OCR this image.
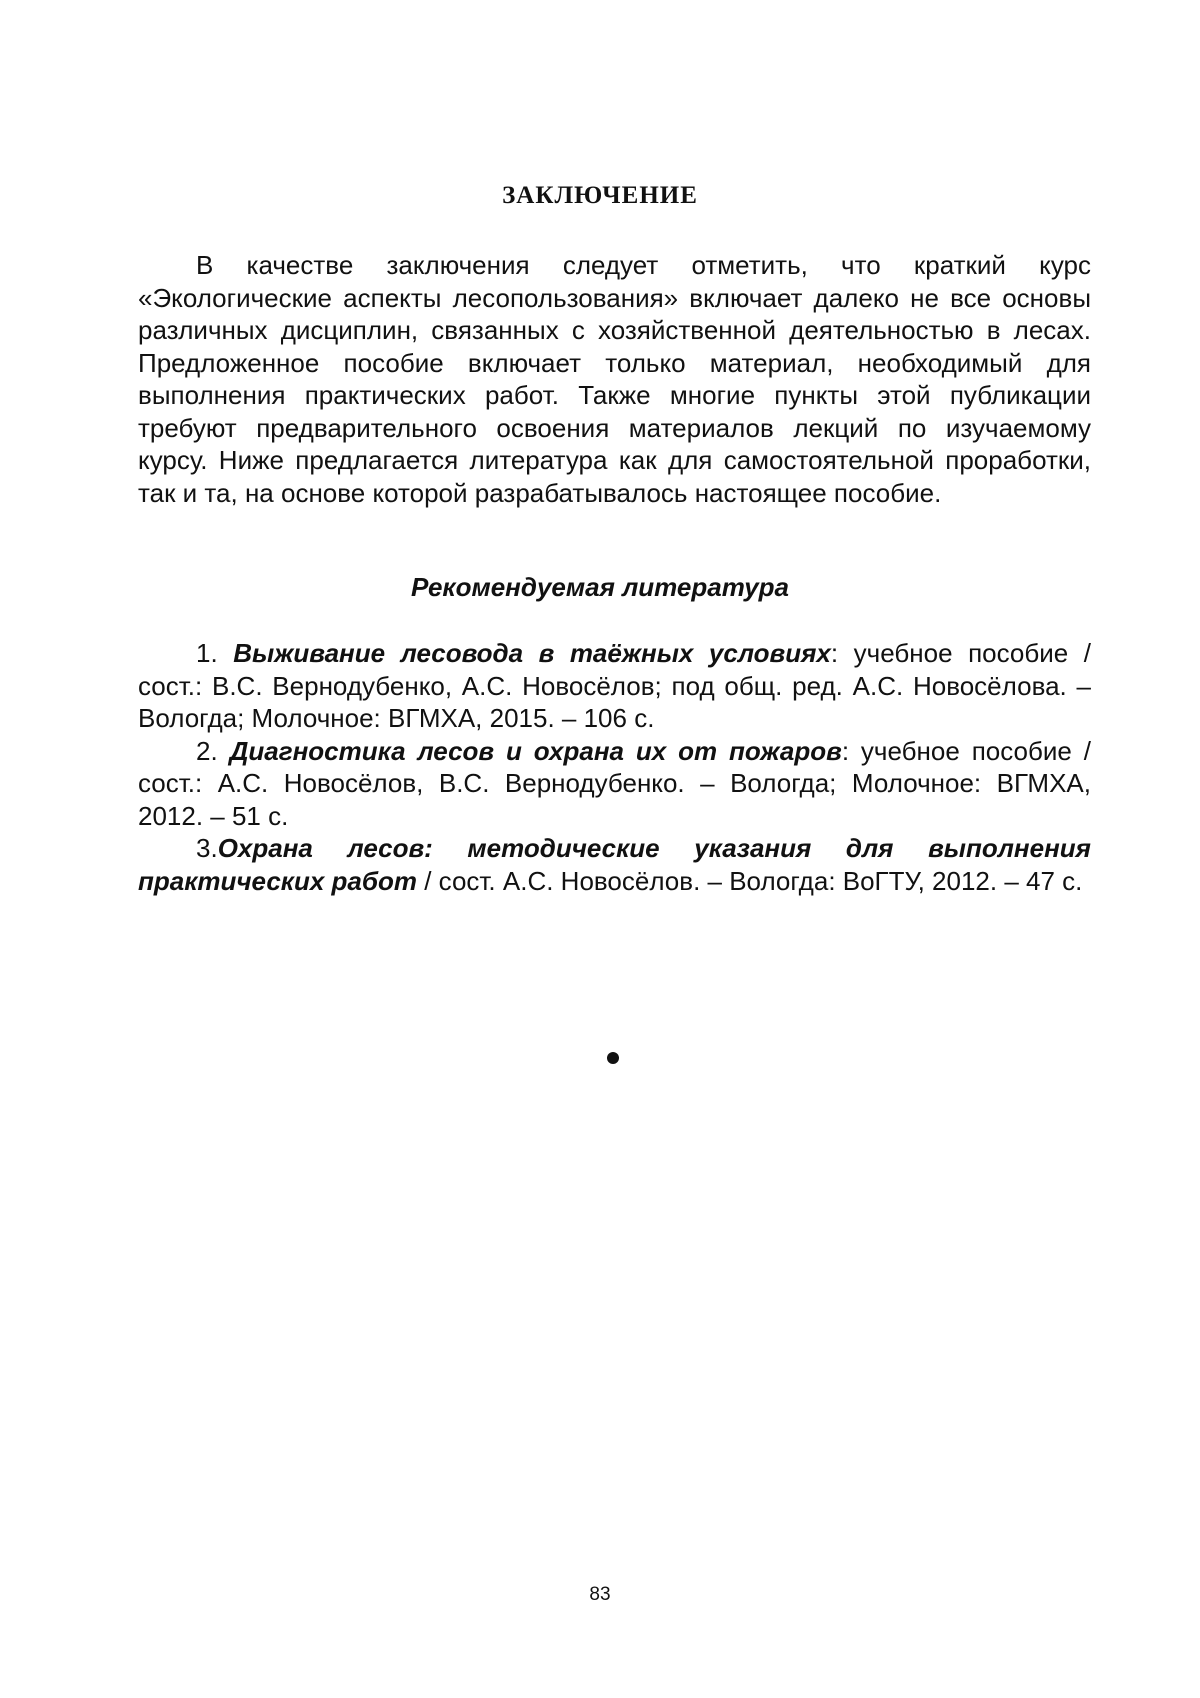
ЗАКЛЮЧЕНИЕ

В качестве заключения следует отметить, что краткий курс «Экологические аспекты лесопользования» включает далеко не все основы различных дисциплин, связанных с хозяйственной деятельностью в лесах. Предложенное пособие включает только материал, необходимый для выполнения практических работ. Также многие пункты этой публикации требуют предварительного освоения материалов лекций по изучаемому курсу. Ниже предлагается литература как для самостоятельной проработки, так и та, на основе которой разрабатывалось настоящее пособие.

Рекомендуемая литература

1. Выживание лесовода в таёжных условиях: учебное пособие / сост.: В.С. Вернодубенко, А.С. Новосёлов; под общ. ред. А.С. Новосёлова. – Вологда; Молочное: ВГМХА, 2015. – 106 с.

2. Диагностика лесов и охрана их от пожаров: учебное пособие / сост.: А.С. Новосёлов, В.С. Вернодубенко. – Вологда; Молочное: ВГМХА, 2012. – 51 с.

3.Охрана лесов: методические указания для выполнения практических работ / сост. А.С. Новосёлов. – Вологда: ВоГТУ, 2012. – 47 с.

83
